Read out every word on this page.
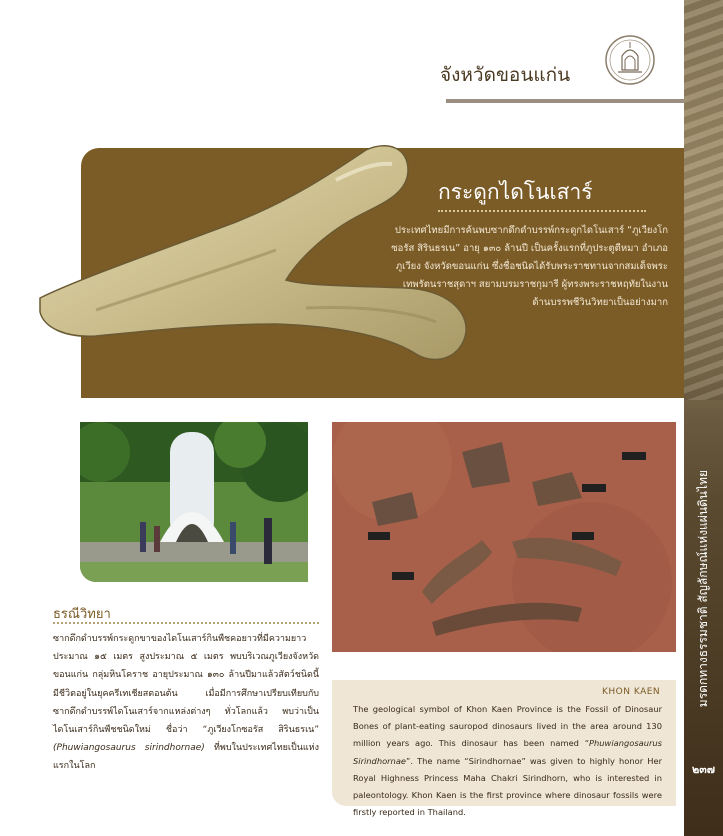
มรดกทางธรรมชาติ สัญลักษณ์แห่งแผ่นดินไทย
๒๓๗
จังหวัดขอนแก่น
กระดูกไดโนเสาร์
ประเทศไทยมีการค้นพบซากดึกดำบรรพ์กระดูกไดโนเสาร์ “ภูเวียงโกซอรัส สิรินธรเน” อายุ ๑๓๐ ล้านปี เป็นครั้งแรกที่ภูประตูตีหมา อำเภอภูเวียง จังหวัดขอนแก่น ซึ่งชื่อชนิดได้รับพระราชทานจากสมเด็จพระเทพรัตนราชสุดาฯ สยามบรมราชกุมารี ผู้ทรงพระราชหฤทัยในงานด้านบรรพชีวินวิทยาเป็นอย่างมาก
ธรณีวิทยา
ซากดึกดำบรรพ์กระดูกขาของไดโนเสาร์กินพืชคอยาวที่มีความยาวประมาณ ๑๕ เมตร สูงประมาณ ๕ เมตร พบบริเวณภูเวียงจังหวัดขอนแก่น กลุ่มหินโคราช อายุประมาณ ๑๓๐ ล้านปีมาแล้วสัตว์ชนิดนี้มีชีวิตอยู่ในยุคครีเทเชียสตอนต้น เมื่อมีการศึกษาเปรียบเทียบกับซากดึกดำบรรพ์ไดโนเสาร์จากแหล่งต่างๆ ทั่วโลกแล้ว พบว่าเป็นไดโนเสาร์กินพืชชนิดใหม่ ชื่อว่า “ภูเวียงโกซอรัส สิรินธรเน” (Phuwiangosaurus sirindhornae) ที่พบในประเทศไทยเป็นแห่งแรกในโลก
KHON KAEN
The geological symbol of Khon Kaen Province is the Fossil of Dinosaur Bones of plant-eating sauropod dinosaurs lived in the area around 130 million years ago. This dinosaur has been named “Phuwiangosaurus Sirindhornae”. The name “Sirindhornae” was given to highly honor Her Royal Highness Princess Maha Chakri Sirindhorn, who is interested in paleontology. Khon Kaen is the first province where dinosaur fossils were firstly reported in Thailand.
